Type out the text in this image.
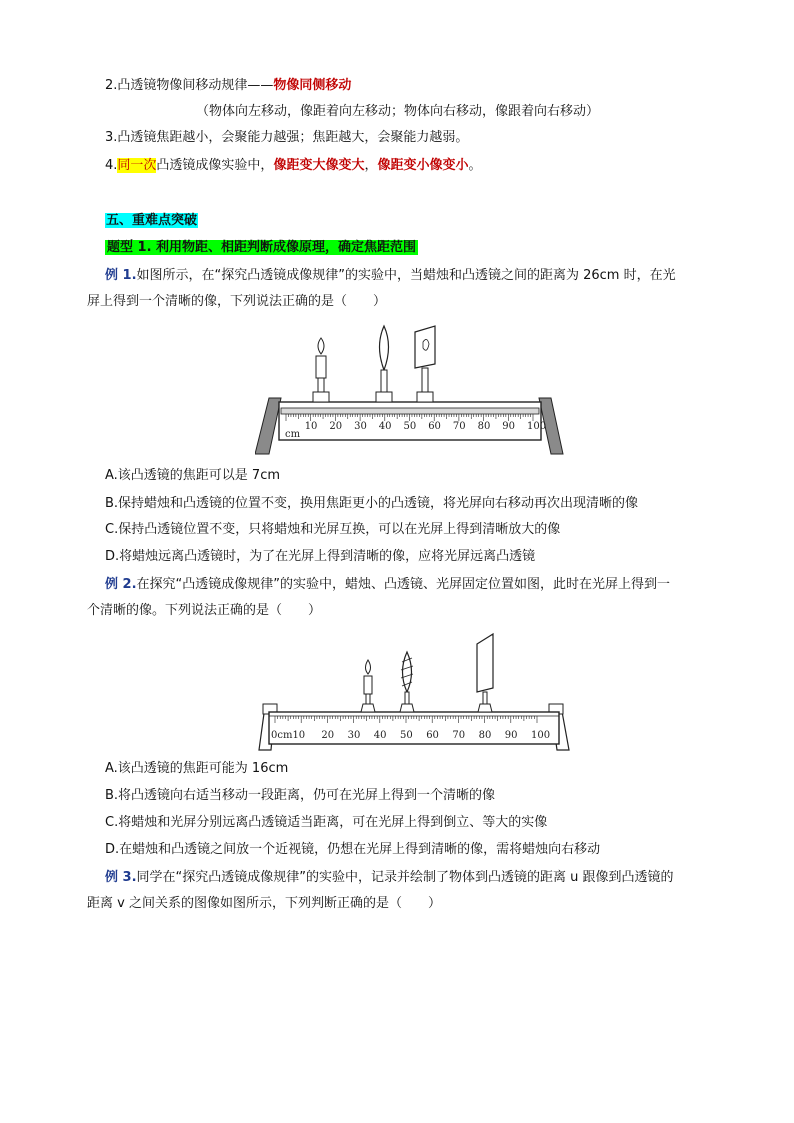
2.凸透镜物像间移动规律——物像同侧移动
（物体向左移动，像距着向左移动；物体向右移动，像跟着向右移动）
3.凸透镜焦距越小，会聚能力越强；焦距越大，会聚能力越弱。
4.同一次凸透镜成像实验中，像距变大像变大，像距变小像变小。
五、重难点突破
题型 1. 利用物距、相距判断成像原理，确定焦距范围
例 1.如图所示，在“探究凸透镜成像规律”的实验中，当蜡烛和凸透镜之间的距离为 26cm 时，在光
屏上得到一个清晰的像，下列说法正确的是（　　）
cm
10 20 30 40 50 60 70 80 90 100
A.该凸透镜的焦距可以是 7cm
B.保持蜡烛和凸透镜的位置不变，换用焦距更小的凸透镜，将光屏向右移动再次出现清晰的像
C.保持凸透镜位置不变，只将蜡烛和光屏互换，可以在光屏上得到清晰放大的像
D.将蜡烛远离凸透镜时，为了在光屏上得到清晰的像，应将光屏远离凸透镜
例 2.在探究“凸透镜成像规律”的实验中，蜡烛、凸透镜、光屏固定位置如图，此时在光屏上得到一
个清晰的像。下列说法正确的是（　　）
0cm10 20 30 40 50 60 70 80 90 100
A.该凸透镜的焦距可能为 16cm
B.将凸透镜向右适当移动一段距离，仍可在光屏上得到一个清晰的像
C.将蜡烛和光屏分别远离凸透镜适当距离，可在光屏上得到倒立、等大的实像
D.在蜡烛和凸透镜之间放一个近视镜，仍想在光屏上得到清晰的像，需将蜡烛向右移动
例 3.同学在“探究凸透镜成像规律”的实验中，记录并绘制了物体到凸透镜的距离 u 跟像到凸透镜的
距离 v 之间关系的图像如图所示，下列判断正确的是（　　）
